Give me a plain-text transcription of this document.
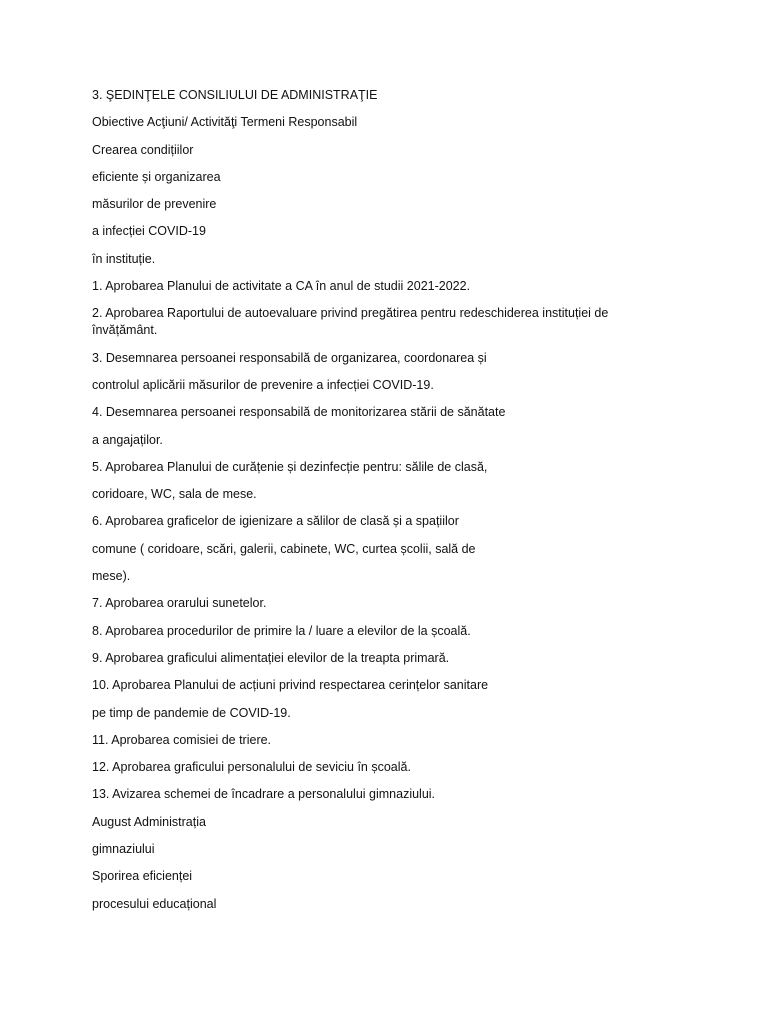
3. ŞEDINŢELE CONSILIULUI DE ADMINISTRAŢIE
Obiective Acţiuni/ Activităţi Termeni Responsabil
Crearea condițiilor
eficiente și organizarea
măsurilor de prevenire
a infecției COVID-19
în instituție.
1. Aprobarea Planului de activitate a CA în anul de studii 2021-2022.
2. Aprobarea Raportului de autoevaluare privind pregătirea pentru redeschiderea instituției de învățământ.
3. Desemnarea persoanei responsabilă de organizarea, coordonarea și
controlul aplicării măsurilor de prevenire a infecției COVID-19.
4. Desemnarea persoanei responsabilă de monitorizarea stării de sănătate
a angajaților.
5. Aprobarea Planului de curățenie și dezinfecție pentru: sălile de clasă,
coridoare, WC, sala de mese.
6. Aprobarea graficelor de igienizare a sălilor de clasă și a spațiilor
comune ( coridoare, scări, galerii, cabinete, WC, curtea școlii, sală de
mese).
7. Aprobarea orarului sunetelor.
8. Aprobarea procedurilor de primire la / luare a elevilor de la școală.
9. Aprobarea graficului alimentației elevilor de la treapta primară.
10. Aprobarea Planului de acțiuni privind respectarea cerințelor sanitare
pe timp de pandemie de COVID-19.
11. Aprobarea comisiei de triere.
12. Aprobarea graficului personalului de seviciu în școală.
13. Avizarea schemei de încadrare a personalului gimnaziului.
August Administrația
gimnaziului
Sporirea eficienței
procesului educațional
